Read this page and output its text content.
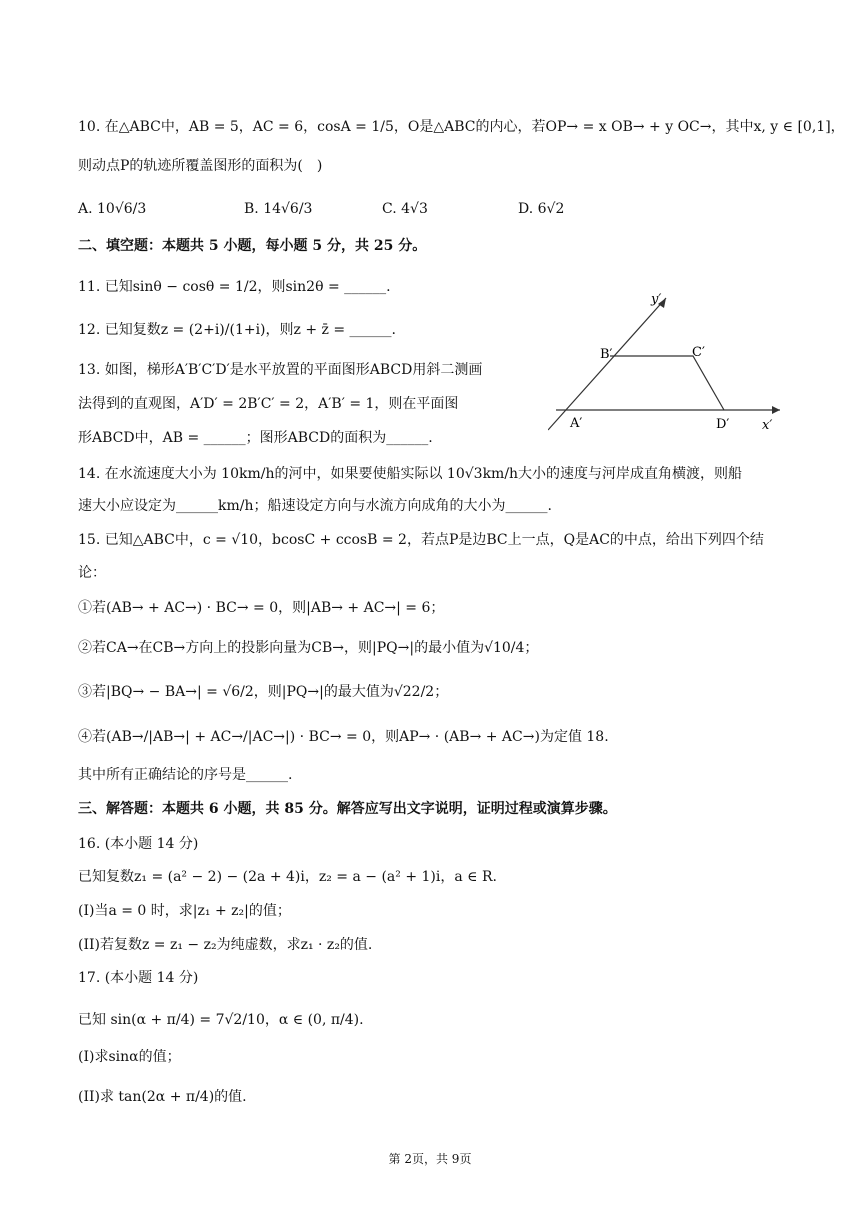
10. 在△ABC中，AB = 5，AC = 6，cosA = 1/5，O是△ABC的内心，若OP→ = x OB→ + y OC→，其中x, y ∈ [0,1]，
则动点P的轨迹所覆盖图形的面积为(　)
A. 10√6/3	B. 14√6/3	C. 4√3	D. 6√2
二、填空题：本题共 5 小题，每小题 5 分，共 25 分。
11. 已知sinθ − cosθ = 1/2，则sin2θ = ______.
12. 已知复数z = (2+i)/(1+i)，则z + z̄ = ______.
13. 如图，梯形A′B′C′D′是水平放置的平面图形ABCD用斜二测画
法得到的直观图，A′D′ = 2B′C′ = 2，A′B′ = 1，则在平面图
形ABCD中，AB = ______；图形ABCD的面积为______.
y′
x′
A′
B′	C′
D′
14. 在水流速度大小为 10km/h的河中，如果要使船实际以 10√3km/h大小的速度与河岸成直角横渡，则船
速大小应设定为______km/h；船速设定方向与水流方向成角的大小为______.
15. 已知△ABC中，c = √10，bcosC + ccosB = 2，若点P是边BC上一点，Q是AC的中点，给出下列四个结
论：
①若(AB→ + AC→) · BC→ = 0，则|AB→ + AC→| = 6；
②若CA→在CB→方向上的投影向量为CB→，则|PQ→|的最小值为√10/4；
③若|BQ→ − BA→| = √6/2，则|PQ→|的最大值为√22/2；
④若(AB→/|AB→| + AC→/|AC→|) · BC→ = 0，则AP→ · (AB→ + AC→)为定值 18.
其中所有正确结论的序号是______.
三、解答题：本题共 6 小题，共 85 分。解答应写出文字说明，证明过程或演算步骤。
16. (本小题 14 分)
已知复数z₁ = (a² − 2) − (2a + 4)i，z₂ = a − (a² + 1)i，a ∈ R.
(I)当a = 0 时，求|z₁ + z₂|的值；
(II)若复数z = z₁ − z₂为纯虚数，求z₁ · z₂的值.
17. (本小题 14 分)
已知 sin(α + π/4) = 7√2/10，α ∈ (0, π/4).
(I)求sinα的值；
(II)求 tan(2α + π/4)的值.
第 2页，共 9页
